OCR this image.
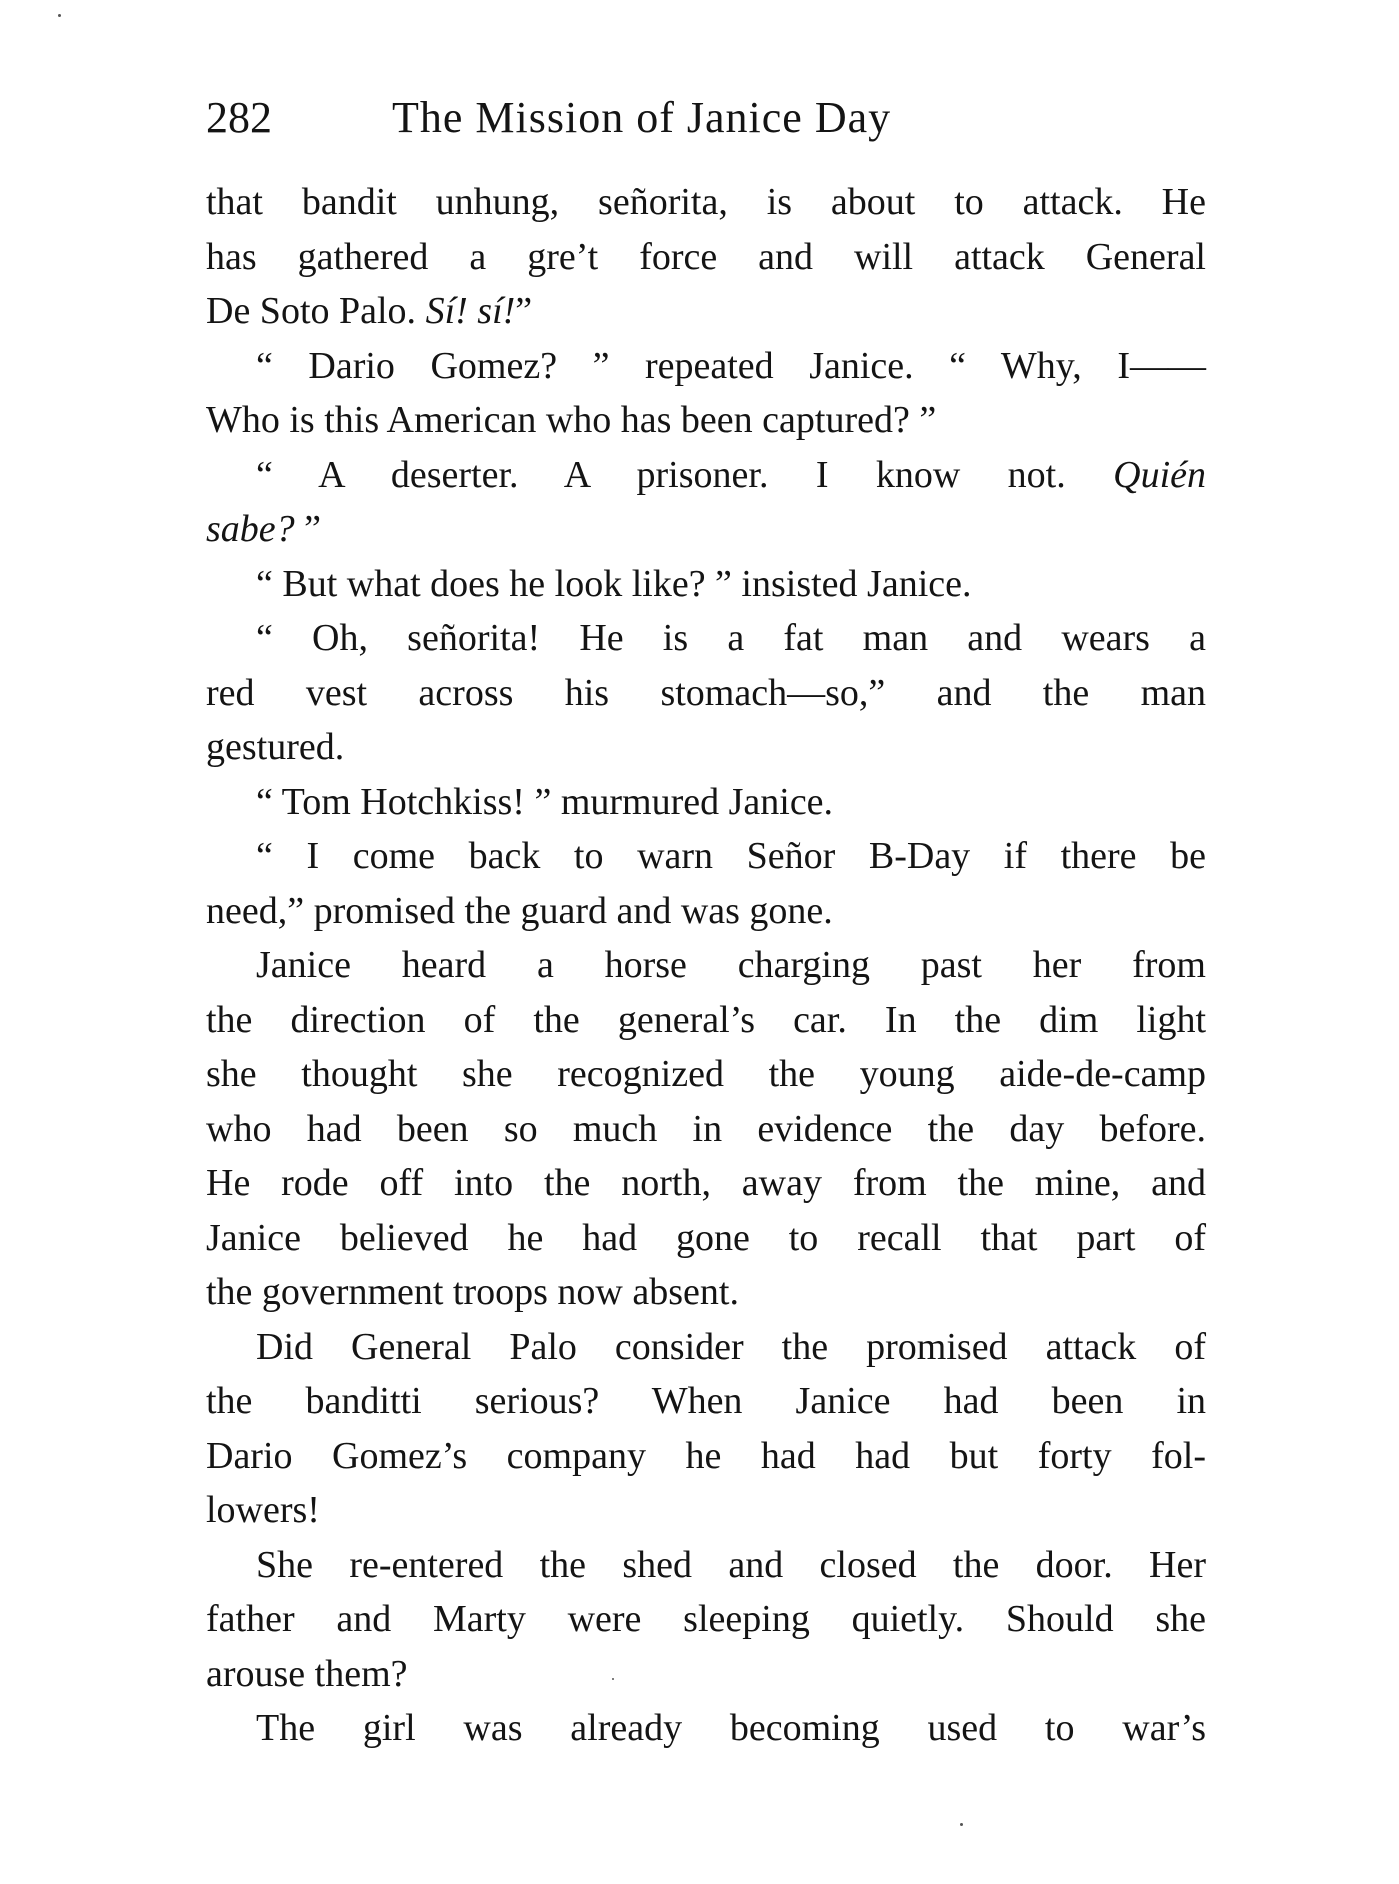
282	The Mission of Janice Day
that bandit unhung, señorita, is about to attack. He
has gathered a gre’t force and will attack General
De Soto Palo. Sí! sí!”
“ Dario Gomez? ” repeated Janice. “ Why, I——
Who is this American who has been captured? ”
“ A deserter. A prisoner. I know not. Quién
sabe? ”
“ But what does he look like? ” insisted Janice.
“ Oh, señorita! He is a fat man and wears a
red vest across his stomach—so,” and the man
gestured.
“ Tom Hotchkiss! ” murmured Janice.
“ I come back to warn Señor B-Day if there be
need,” promised the guard and was gone.
Janice heard a horse charging past her from
the direction of the general’s car. In the dim light
she thought she recognized the young aide-de-camp
who had been so much in evidence the day before.
He rode off into the north, away from the mine, and
Janice believed he had gone to recall that part of
the government troops now absent.
Did General Palo consider the promised attack of
the banditti serious? When Janice had been in
Dario Gomez’s company he had had but forty fol-
lowers!
She re-entered the shed and closed the door. Her
father and Marty were sleeping quietly. Should she
arouse them?
The girl was already becoming used to war’s
